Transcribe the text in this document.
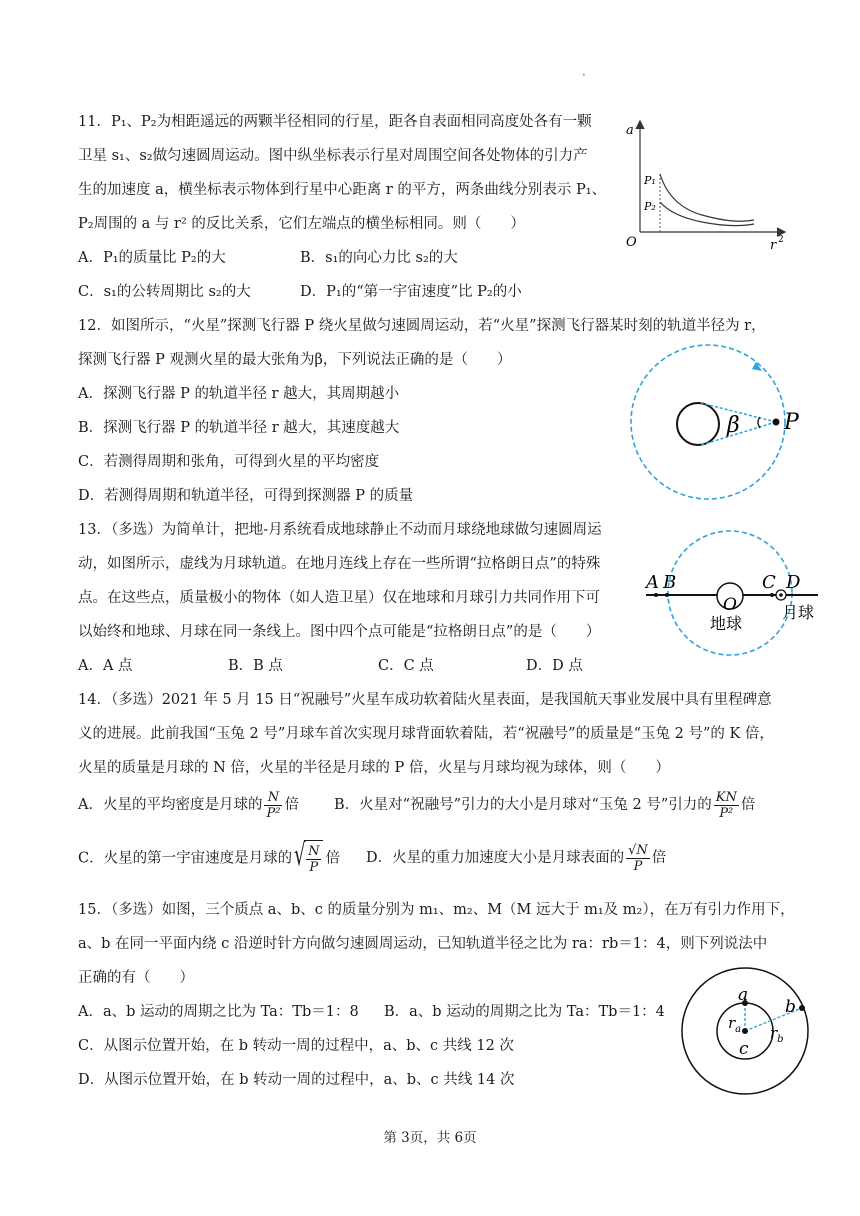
·
11．P₁、P₂为相距遥远的两颗半径相同的行星，距各自表面相同高度处各有一颗
卫星 s₁、s₂做匀速圆周运动。图中纵坐标表示行星对周围空间各处物体的引力产
生的加速度 a，横坐标表示物体到行星中心距离 r 的平方，两条曲线分别表示 P₁、
P₂周围的 a 与 r² 的反比关系，它们左端点的横坐标相同。则（　　）
A．P₁的质量比 P₂的大	B．s₁的向心力比 s₂的大
C．s₁的公转周期比 s₂的大	D．P₁的“第一宇宙速度”比 P₂的小
a
O	r 2
P₁
P₂
12．如图所示，“火星”探测飞行器 P 绕火星做匀速圆周运动，若“火星”探测飞行器某时刻的轨道半径为 r，
探测飞行器 P 观测火星的最大张角为β，下列说法正确的是（　　）
A．探测飞行器 P 的轨道半径 r 越大，其周期越小
B．探测飞行器 P 的轨道半径 r 越大，其速度越大
C．若测得周期和张角，可得到火星的平均密度
D．若测得周期和轨道半径，可得到探测器 P 的质量
β P
13．（多选）为简单计，把地-月系统看成地球静止不动而月球绕地球做匀速圆周运
动，如图所示，虚线为月球轨道。在地月连线上存在一些所谓“拉格朗日点”的特殊
点。在这些点，质量极小的物体（如人造卫星）仅在地球和月球引力共同作用下可
以始终和地球、月球在同一条线上。图中四个点可能是“拉格朗日点”的是（　　）
A．A 点	B．B 点	C．C 点	D．D 点
A B	C D
O
地球
月球
14．（多选）2021 年 5 月 15 日“祝融号”火星车成功软着陆火星表面，是我国航天事业发展中具有里程碑意
义的进展。此前我国“玉兔 2 号”月球车首次实现月球背面软着陆，若“祝融号”的质量是“玉兔 2 号”的 K 倍，
火星的质量是月球的 N 倍，火星的半径是月球的 P 倍，火星与月球均视为球体，则（　　）
A．火星的平均密度是月球的 $\frac{N}{\text{P²}}$ 倍 B．火星对“祝融号”引力的大小是月球对“玉兔 2 号”引力的 $\frac{KN}{\text{P²}}$ 倍
C．火星的第一宇宙速度是月球的 √ $\frac{N}{P}$ 倍 D．火星的重力加速度大小是月球表面的 $\frac{√N}{P}$ 倍
15．（多选）如图，三个质点 a、b、c 的质量分别为 m₁、m₂、M（M 远大于 m₁及 m₂），在万有引力作用下，
a、b 在同一平面内绕 c 沿逆时针方向做匀速圆周运动，已知轨道半径之比为 ra：rb＝1：4，则下列说法中
正确的有（　　）
A．a、b 运动的周期之比为 Ta：Tb＝1：8 B．a、b 运动的周期之比为 Ta：Tb＝1：4
C．从图示位置开始，在 b 转动一周的过程中，a、b、c 共线 12 次
D．从图示位置开始，在 b 转动一周的过程中，a、b、c 共线 14 次
a
b
c
$r_a$ $r_b$
第 3页，共 6页
